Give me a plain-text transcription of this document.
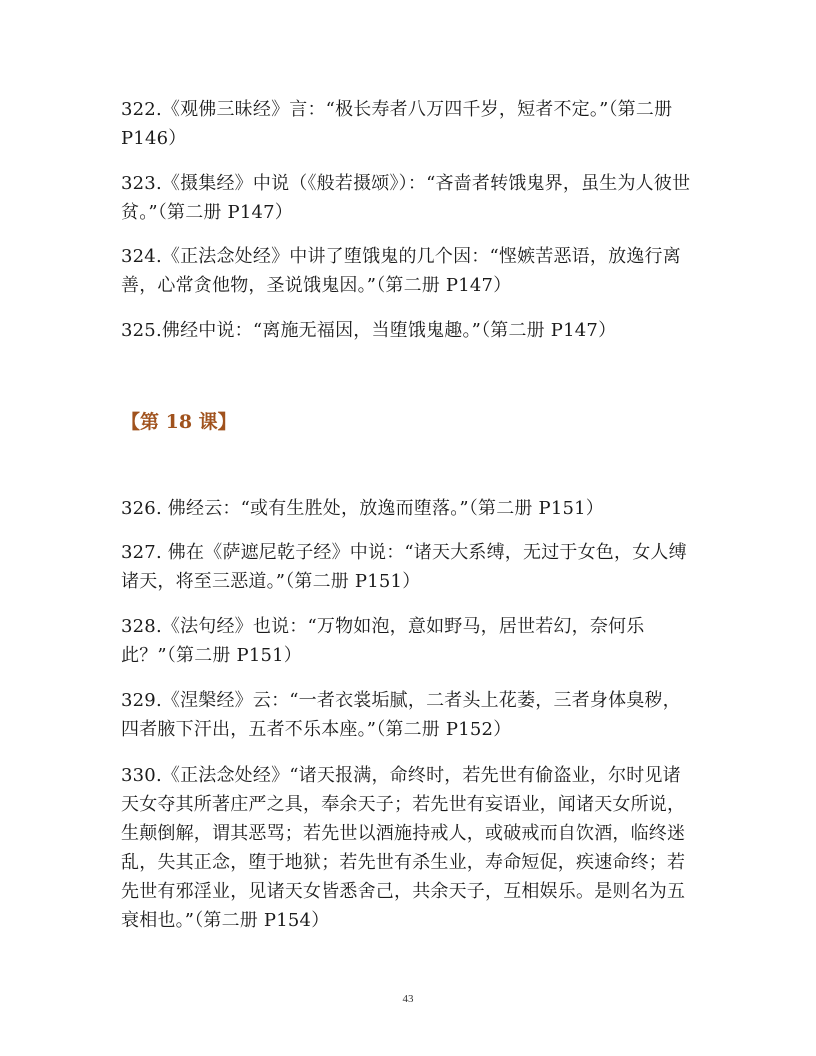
322.《观佛三昧经》言：“极长寿者八万四千岁，短者不定。”（第二册 P146）

323.《摄集经》中说（《般若摄颂》）：“吝啬者转饿鬼界，虽生为人彼世贫。”（第二册 P147）

324.《正法念处经》中讲了堕饿鬼的几个因：“悭嫉苦恶语，放逸行离善，心常贪他物，圣说饿鬼因。”（第二册 P147）

325.佛经中说：“离施无福因，当堕饿鬼趣。”（第二册 P147）

【第 18 课】

326. 佛经云：“或有生胜处，放逸而堕落。”（第二册 P151）

327. 佛在《萨遮尼乾子经》中说：“诸天大系缚，无过于女色，女人缚诸天，将至三恶道。”（第二册 P151）

328.《法句经》也说：“万物如泡，意如野马，居世若幻，奈何乐此？”（第二册 P151）

329.《涅槃经》云：“一者衣裳垢腻，二者头上花萎，三者身体臭秽，四者腋下汗出，五者不乐本座。”（第二册 P152）

330.《正法念处经》“诸天报满，命终时，若先世有偷盗业，尔时见诸天女夺其所著庄严之具，奉余天子；若先世有妄语业，闻诸天女所说，生颠倒解，谓其恶骂；若先世以酒施持戒人，或破戒而自饮酒，临终迷乱，失其正念，堕于地狱；若先世有杀生业，寿命短促，疾速命终；若先世有邪淫业，见诸天女皆悉舍己，共余天子，互相娱乐。是则名为五衰相也。”（第二册 P154）

43
